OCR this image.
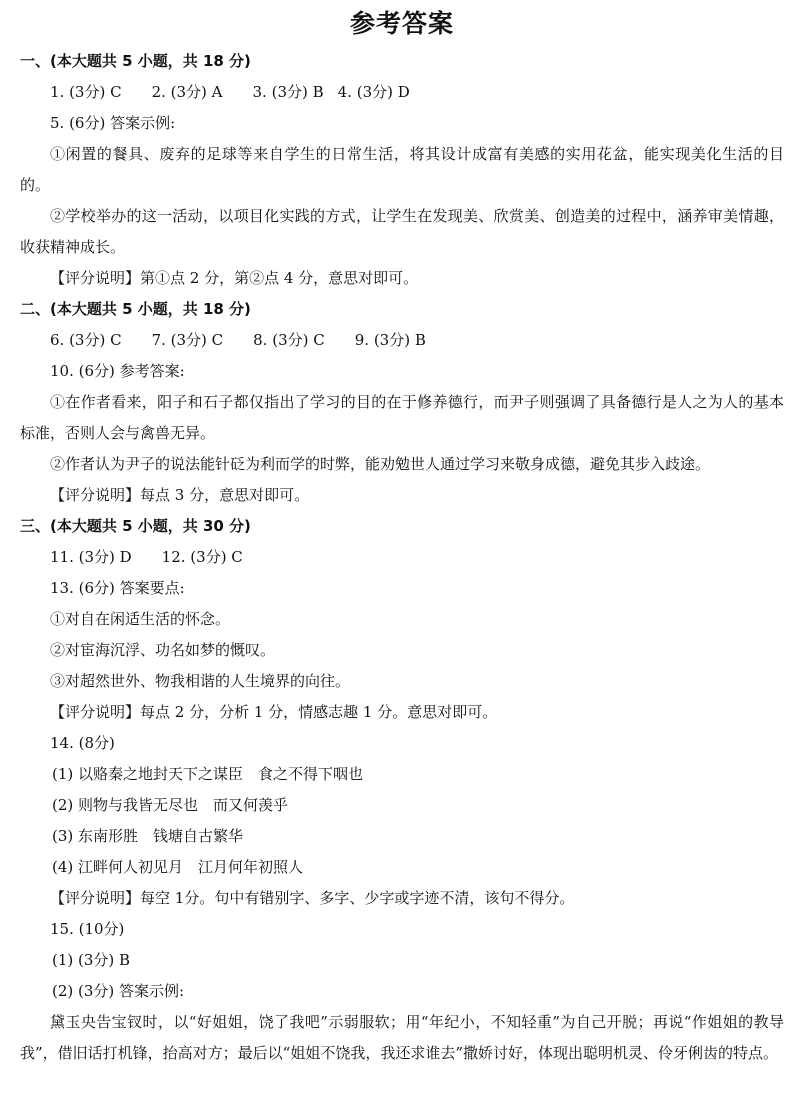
参考答案
一、(本大题共 5 小题，共 18 分)
1. (3分) C 2. (3分) A 3. (3分) B 4. (3分) D
5. (6分) 答案示例:

①闲置的餐具、废弃的足球等来自学生的日常生活，将其设计成富有美感的实用花盆，能实现美化生活的目的。

②学校举办的这一活动，以项目化实践的方式，让学生在发现美、欣赏美、创造美的过程中，涵养审美情趣，收获精神成长。

【评分说明】第①点 2 分，第②点 4 分，意思对即可。
二、(本大题共 5 小题，共 18 分)
6. (3分) C 7. (3分) C 8. (3分) C 9. (3分) B
10. (6分) 参考答案:

①在作者看来，阳子和石子都仅指出了学习的目的在于修养德行，而尹子则强调了具备德行是人之为人的基本标准，否则人会与禽兽无异。

②作者认为尹子的说法能针砭为利而学的时弊，能劝勉世人通过学习来敬身成德，避免其步入歧途。

【评分说明】每点 3 分，意思对即可。
三、(本大题共 5 小题，共 30 分)
11. (3分) D 12. (3分) C
13. (6分) 答案要点:
①对自在闲适生活的怀念。
②对宦海沉浮、功名如梦的慨叹。
③对超然世外、物我相谐的人生境界的向往。
【评分说明】每点 2 分，分析 1 分，情感志趣 1 分。意思对即可。
14. (8分)
(1) 以赂秦之地封天下之谋臣　食之不得下咽也
(2) 则物与我皆无尽也　而又何羡乎
(3) 东南形胜　钱塘自古繁华
(4) 江畔何人初见月　江月何年初照人
【评分说明】每空 1分。句中有错别字、多字、少字或字迹不清，该句不得分。
15. (10分)
(1) (3分) B
(2) (3分) 答案示例:

黛玉央告宝钗时，以“好姐姐，饶了我吧”示弱服软；用“年纪小，不知轻重”为自己开脱；再说“作姐姐的教导我”，借旧话打机锋，抬高对方；最后以“姐姐不饶我，我还求谁去”撒娇讨好，体现出聪明机灵、伶牙俐齿的特点。
